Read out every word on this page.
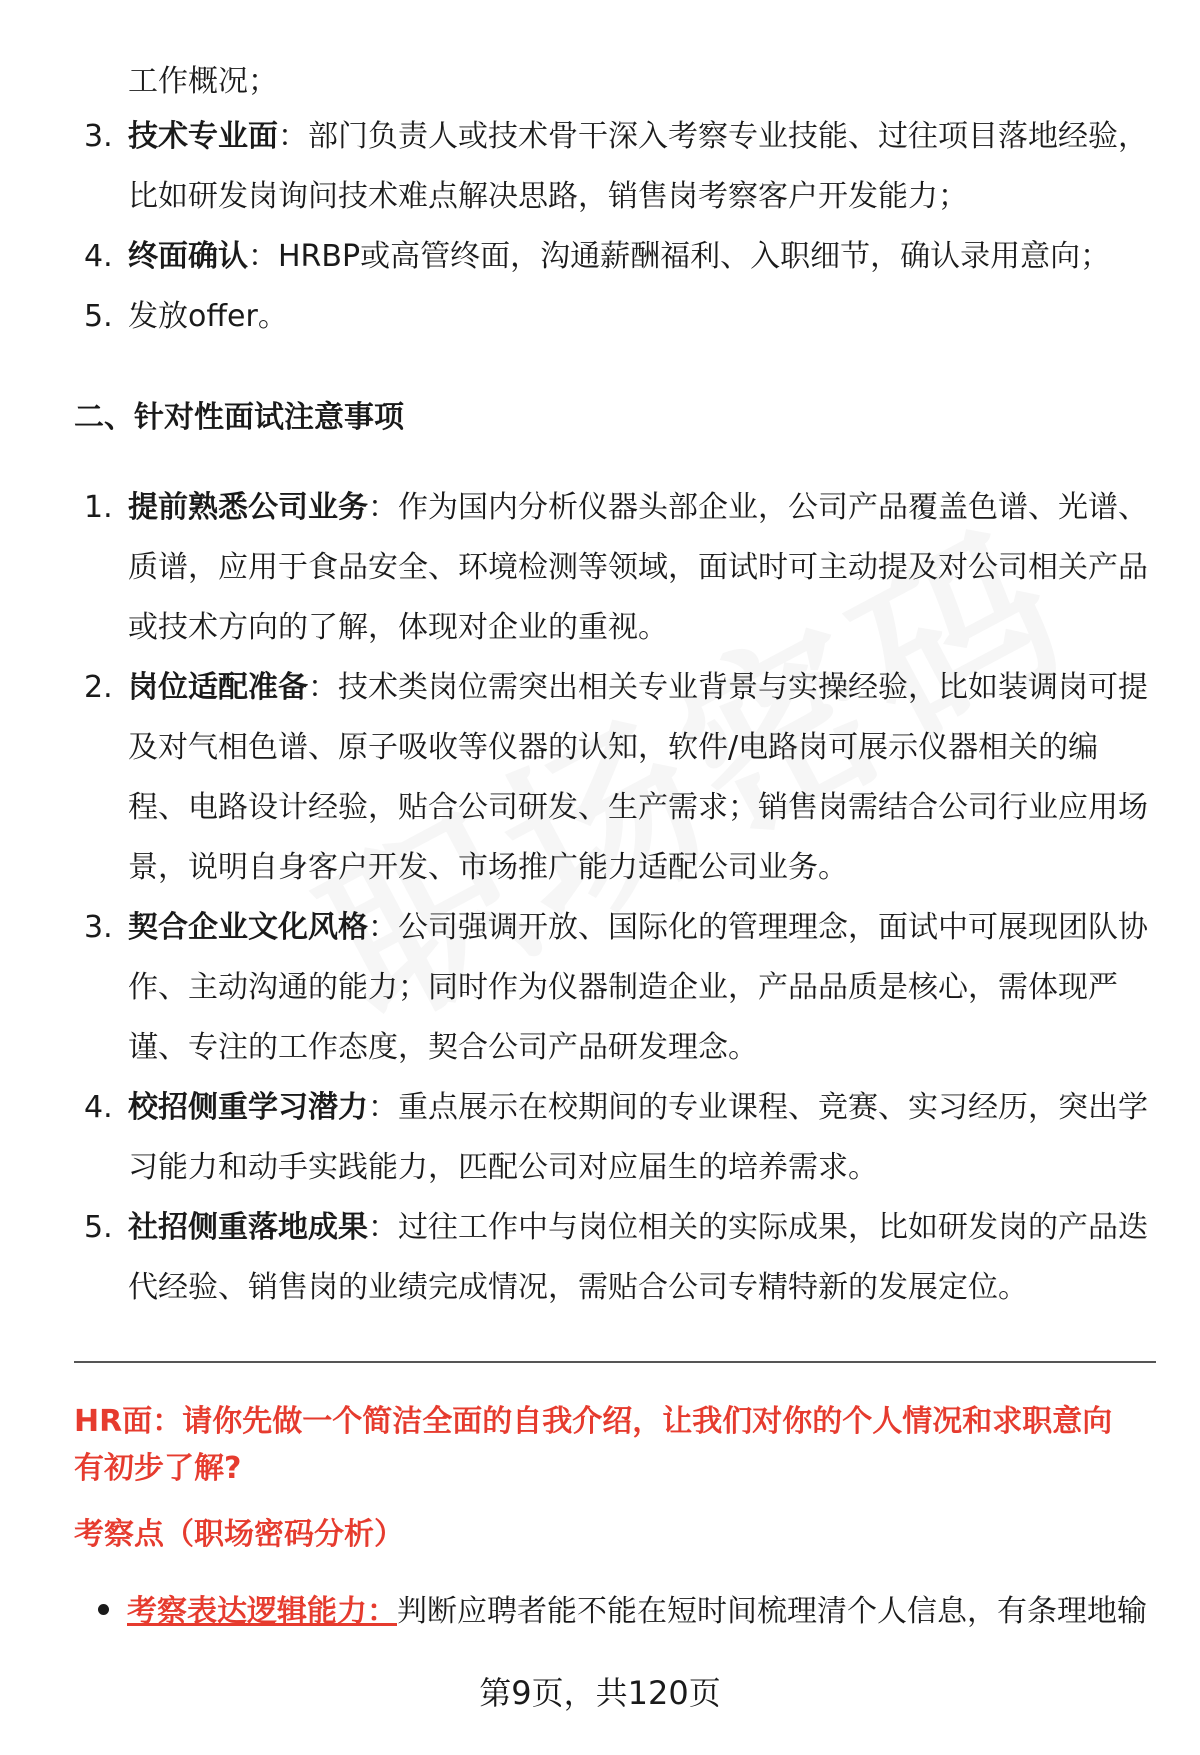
工作概况；
3. 技术专业面：部门负责人或技术骨干深入考察专业技能、过往项目落地经验，比如研发岗询问技术难点解决思路，销售岗考察客户开发能力；
4. 终面确认：HRBP或高管终面，沟通薪酬福利、入职细节，确认录用意向；
5. 发放offer。
二、针对性面试注意事项
1. 提前熟悉公司业务：作为国内分析仪器头部企业，公司产品覆盖色谱、光谱、质谱，应用于食品安全、环境检测等领域，面试时可主动提及对公司相关产品或技术方向的了解，体现对企业的重视。
2. 岗位适配准备：技术类岗位需突出相关专业背景与实操经验，比如装调岗可提及对气相色谱、原子吸收等仪器的认知，软件/电路岗可展示仪器相关的编程、电路设计经验，贴合公司研发、生产需求；销售岗需结合公司行业应用场景，说明自身客户开发、市场推广能力适配公司业务。
3. 契合企业文化风格：公司强调开放、国际化的管理理念，面试中可展现团队协作、主动沟通的能力；同时作为仪器制造企业，产品品质是核心，需体现严谨、专注的工作态度，契合公司产品研发理念。
4. 校招侧重学习潜力：重点展示在校期间的专业课程、竞赛、实习经历，突出学习能力和动手实践能力，匹配公司对应届生的培养需求。
5. 社招侧重落地成果：过往工作中与岗位相关的实际成果，比如研发岗的产品迭代经验、销售岗的业绩完成情况，需贴合公司专精特新的发展定位。
HR面：请你先做一个简洁全面的自我介绍，让我们对你的个人情况和求职意向有初步了解?
考察点（职场密码分析）
考察表达逻辑能力：判断应聘者能不能在短时间梳理清个人信息，有条理地输
第9页，共120页
